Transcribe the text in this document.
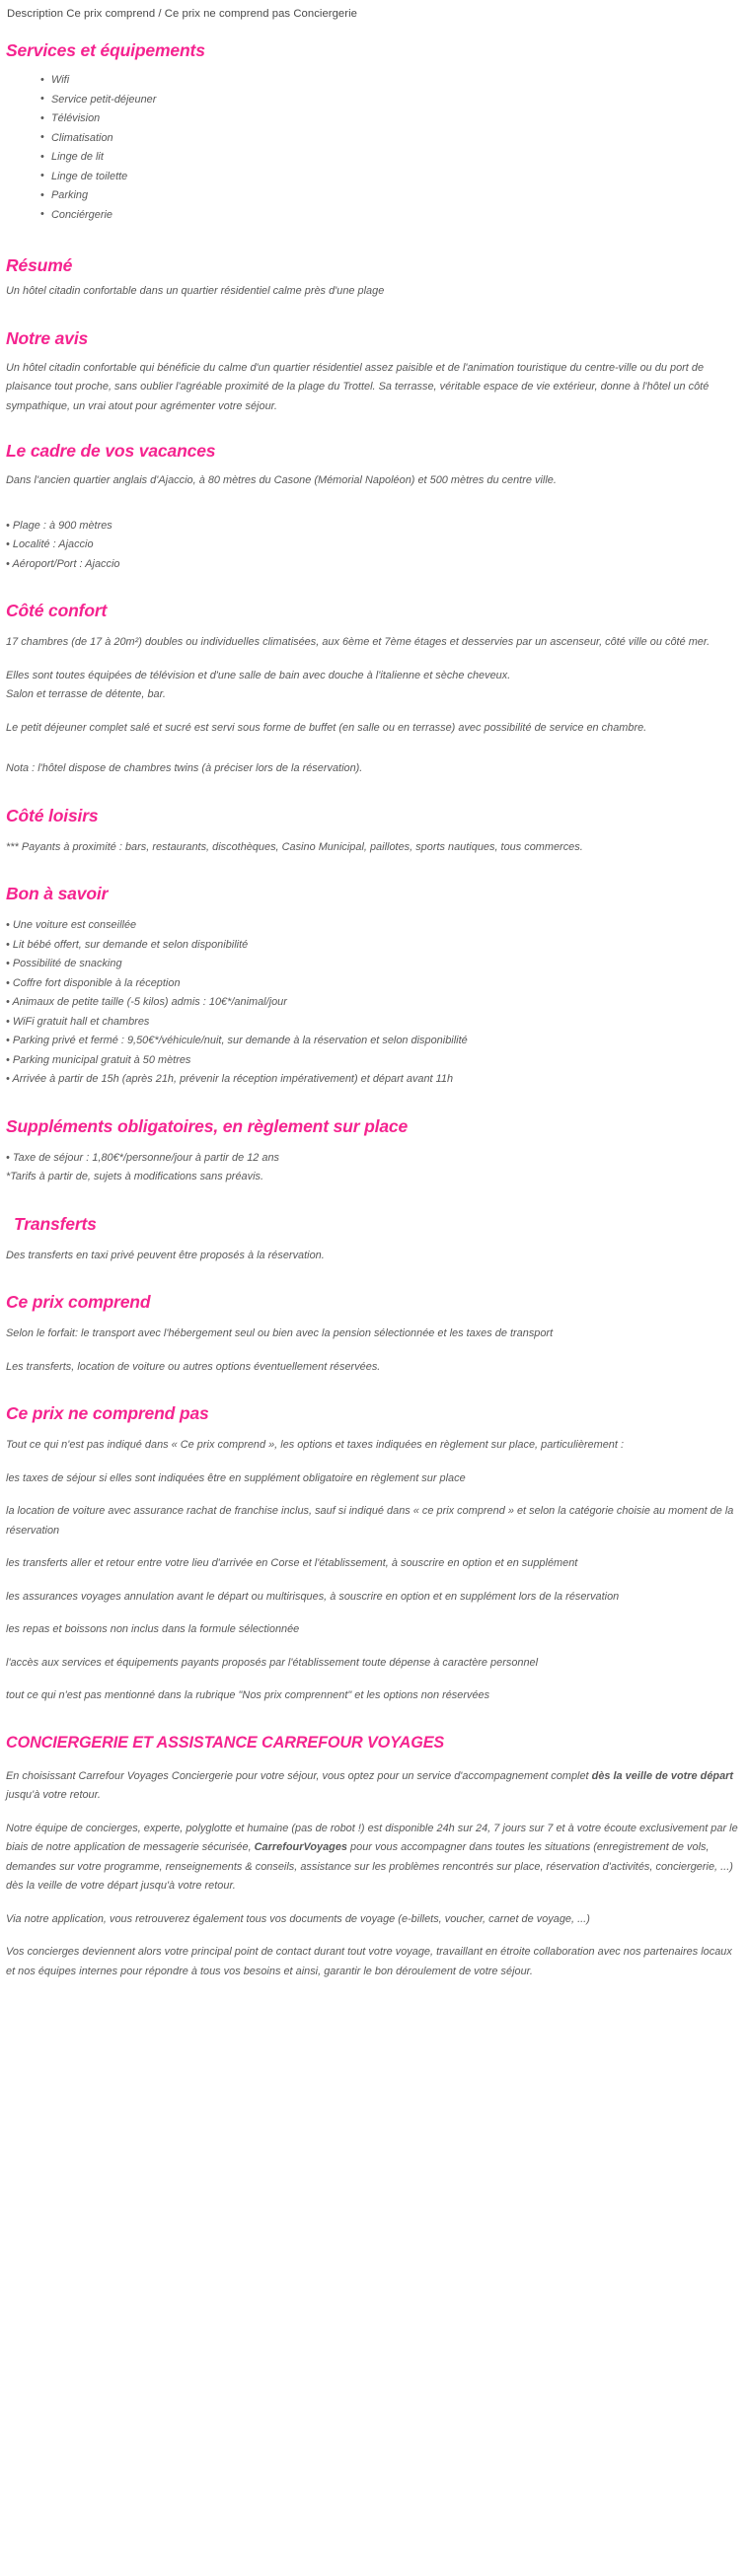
Description Ce prix comprend / Ce prix ne comprend pas Conciergerie
Services et équipements
• Wifi
• Service petit-déjeuner
• Télévision
• Climatisation
• Linge de lit
• Linge de toilette
• Parking
• Conciérgerie
Résumé

Un hôtel citadin confortable dans un quartier résidentiel calme près d'une plage

Notre avis

Un hôtel citadin confortable qui bénéficie du calme d'un quartier résidentiel assez paisible et de l'animation touristique du centre-ville ou du port de plaisance tout proche, sans oublier l'agréable proximité de la plage du Trottel. Sa terrasse, véritable espace de vie extérieur, donne à l'hôtel un côté sympathique, un vrai atout pour agrémenter votre séjour.

Le cadre de vos vacances

Dans l'ancien quartier anglais d'Ajaccio, à 80 mètres du Casone (Mémorial Napoléon) et 500 mètres du centre ville.

• Plage : à 900 mètres
• Localité : Ajaccio
• Aéroport/Port : Ajaccio
Côté confort

17 chambres (de 17 à 20m²) doubles ou individuelles climatisées, aux 6ème et 7ème étages et desservies par un ascenseur, côté ville ou côté mer.

Elles sont toutes équipées de télévision et d'une salle de bain avec douche à l'italienne et sèche cheveux.

Salon et terrasse de détente, bar.

Le petit déjeuner complet salé et sucré est servi sous forme de buffet (en salle ou en terrasse) avec possibilité de service en chambre.

Nota : l'hôtel dispose de chambres twins (à préciser lors de la réservation).

Côté loisirs

*** Payants à proximité : bars, restaurants, discothèques, Casino Municipal, paillotes, sports nautiques, tous commerces.

Bon à savoir
• Une voiture est conseillée
• Lit bébé offert, sur demande et selon disponibilité
• Possibilité de snacking
• Coffre fort disponible à la réception
• Animaux de petite taille (-5 kilos) admis : 10€*/animal/jour
• WiFi gratuit hall et chambres
• Parking privé et fermé : 9,50€*/véhicule/nuit, sur demande à la réservation et selon disponibilité
• Parking municipal gratuit à 50 mètres
• Arrivée à partir de 15h (après 21h, prévenir la réception impérativement) et départ avant 11h
Suppléments obligatoires, en règlement sur place
• Taxe de séjour : 1,80€*/personne/jour à partir de 12 ans
*Tarifs à partir de, sujets à modifications sans préavis.
Transferts

Des transferts en taxi privé peuvent être proposés à la réservation.

Ce prix comprend

Selon le forfait: le transport avec l'hébergement seul ou bien avec la pension sélectionnée et les taxes de transport

Les transferts, location de voiture ou autres options éventuellement réservées.

Ce prix ne comprend pas

Tout ce qui n'est pas indiqué dans « Ce prix comprend », les options et taxes indiquées en règlement sur place, particulièrement :

les taxes de séjour si elles sont indiquées être en supplément obligatoire en règlement sur place

la location de voiture avec assurance rachat de franchise inclus, sauf si indiqué dans « ce prix comprend » et selon la catégorie choisie au moment de la réservation

les transferts aller et retour entre votre lieu d'arrivée en Corse et l'établissement, à souscrire en option et en supplément

les assurances voyages annulation avant le départ ou multirisques, à souscrire en option et en supplément lors de la réservation

les repas et boissons non inclus dans la formule sélectionnée

l'accès aux services et équipements payants proposés par l'établissement toute dépense à caractère personnel

tout ce qui n'est pas mentionné dans la rubrique "Nos prix comprennent" et les options non réservées

CONCIERGERIE ET ASSISTANCE CARREFOUR VOYAGES

En choisissant Carrefour Voyages Conciergerie pour votre séjour, vous optez pour un service d'accompagnement complet dès la veille de votre départ jusqu'à votre retour.

Notre équipe de concierges, experte, polyglotte et humaine (pas de robot !) est disponible 24h sur 24, 7 jours sur 7 et à votre écoute exclusivement par le biais de notre application de messagerie sécurisée, CarrefourVoyages pour vous accompagner dans toutes les situations (enregistrement de vols, demandes sur votre programme, renseignements & conseils, assistance sur les problèmes rencontrés sur place, réservation d'activités, conciergerie, ...) dès la veille de votre départ jusqu'à votre retour.

Via notre application, vous retrouverez également tous vos documents de voyage (e-billets, voucher, carnet de voyage, ...)

Vos concierges deviennent alors votre principal point de contact durant tout votre voyage, travaillant en étroite collaboration avec nos partenaires locaux et nos équipes internes pour répondre à tous vos besoins et ainsi, garantir le bon déroulement de votre séjour.
